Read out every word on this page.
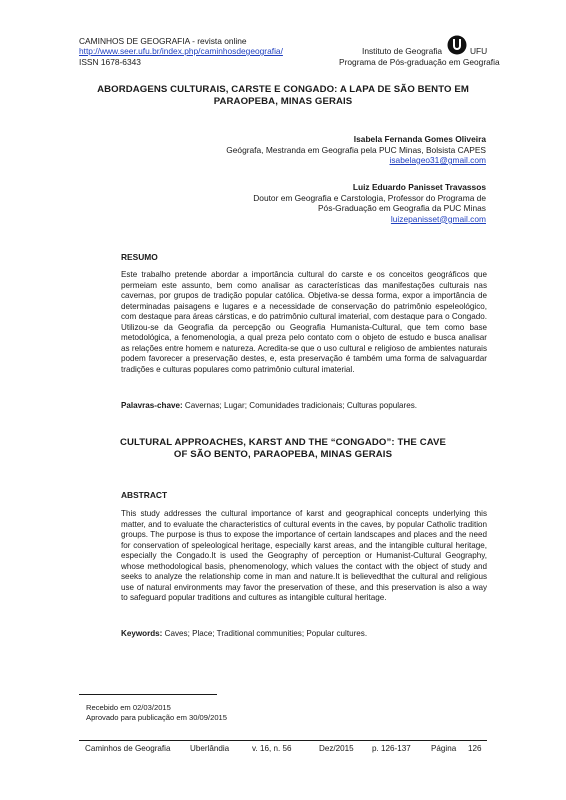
CAMINHOS DE GEOGRAFIA - revista online
http://www.seer.ufu.br/index.php/caminhosdegeografia/
ISSN 1678-6343
Instituto de Geografia	UFU
Programa de Pós-graduação em Geografia
ABORDAGENS CULTURAIS, CARSTE E CONGADO: A LAPA DE SÃO BENTO EM
PARAOPEBA, MINAS GERAIS
Isabela Fernanda Gomes Oliveira
Geógrafa, Mestranda em Geografia pela PUC Minas, Bolsista CAPES
isabelageo31@gmail.com
Luiz Eduardo Panisset Travassos
Doutor em Geografia e Carstologia, Professor do Programa de
Pós-Graduação em Geografia da PUC Minas
luizepanisset@gmail.com
RESUMO

Este trabalho pretende abordar a importância cultural do carste e os conceitos geográficos que permeiam este assunto, bem como analisar as características das manifestações culturais nas cavernas, por grupos de tradição popular católica. Objetiva-se dessa forma, expor a importância de determinadas paisagens e lugares e a necessidade de conservação do patrimônio espeleológico, com destaque para áreas cársticas, e do patrimônio cultural imaterial, com destaque para o Congado. Utilizou-se da Geografia da percepção ou Geografia Humanista-Cultural, que tem como base metodológica, a fenomenologia, a qual preza pelo contato com o objeto de estudo e busca analisar as relações entre homem e natureza. Acredita-se que o uso cultural e religioso de ambientes naturais podem favorecer a preservação destes, e, esta preservação é também uma forma de salvaguardar tradições e culturas populares como patrimônio cultural imaterial.

Palavras-chave: Cavernas; Lugar; Comunidades tradicionais; Culturas populares.
CULTURAL APPROACHES, KARST AND THE “CONGADO”: THE CAVE
OF SÃO BENTO, PARAOPEBA, MINAS GERAIS
ABSTRACT

This study addresses the cultural importance of karst and geographical concepts underlying this matter, and to evaluate the characteristics of cultural events in the caves, by popular Catholic tradition groups. The purpose is thus to expose the importance of certain landscapes and places and the need for conservation of speleological heritage, especially karst areas, and the intangible cultural heritage, especially the Congado.It is used the Geography of perception or Humanist-Cultural Geography, whose methodological basis, phenomenology, which values the contact with the object of study and seeks to analyze the relationship come in man and nature.It is believedthat the cultural and religious use of natural environments may favor the preservation of these, and this preservation is also a way to safeguard popular traditions and cultures as intangible cultural heritage.

Keywords: Caves; Place; Traditional communities; Popular cultures.
Recebido em 02/03/2015
Aprovado para publicação em 30/09/2015
Caminhos de Geografia Uberlândia	v. 16, n. 56	Dez/2015 p. 126-137	Página 126
